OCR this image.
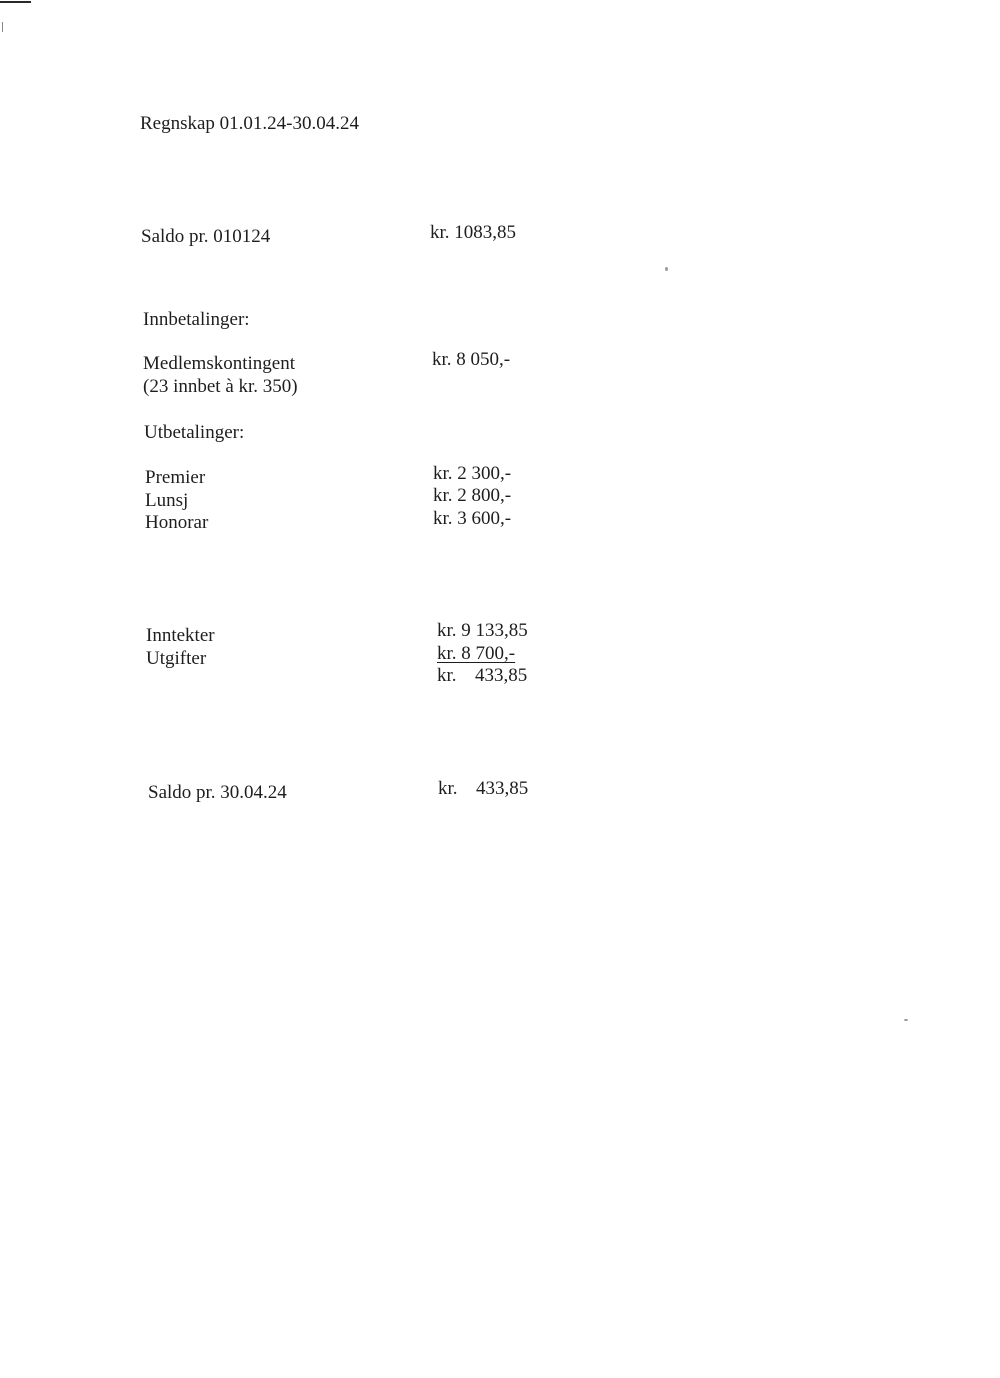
Regnskap 01.01.24-30.04.24
Saldo pr. 010124	kr. 1083,85
Innbetalinger:
Medlemskontingent
(23 innbet à kr. 350)
kr. 8 050,-
Utbetalinger:
Premier	kr. 2 300,-
Lunsj	kr. 2 800,-
Honorar	kr. 3 600,-
Inntekter	kr. 9 133,85
Utgifter	kr. 8 700,-
kr. 433,85
Saldo pr. 30.04.24	kr. 433,85
